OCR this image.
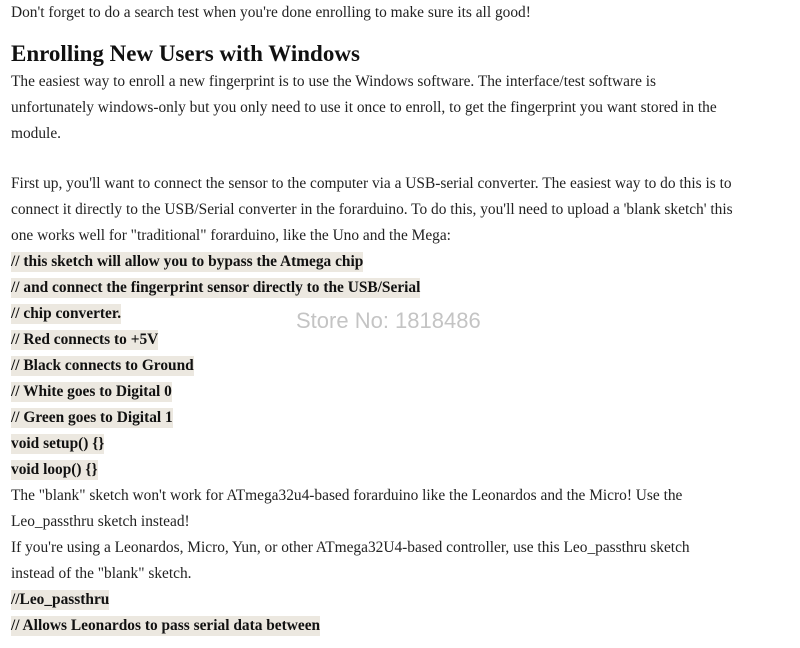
Don't forget to do a search test when you're done enrolling to make sure its all good!
Enrolling New Users with Windows
The easiest way to enroll a new fingerprint is to use the Windows software. The interface/test software is
unfortunately windows-only but you only need to use it once to enroll, to get the fingerprint you want stored in the
module.
First up, you'll want to connect the sensor to the computer via a USB-serial converter. The easiest way to do this is to
connect it directly to the USB/Serial converter in the forarduino. To do this, you'll need to upload a 'blank sketch' this
one works well for "traditional" forarduino, like the Uno and the Mega:
// this sketch will allow you to bypass the Atmega chip
// and connect the fingerprint sensor directly to the USB/Serial
// chip converter.
// Red connects to +5V
// Black connects to Ground
// White goes to Digital 0
// Green goes to Digital 1
void setup() {}
void loop() {}
The "blank" sketch won't work for ATmega32u4-based forarduino like the Leonardos and the Micro! Use the
Leo_passthru sketch instead!
If you're using a Leonardos, Micro, Yun, or other ATmega32U4-based controller, use this Leo_passthru sketch
instead of the "blank" sketch.
//Leo_passthru
// Allows Leonardos to pass serial data between
Store No: 1818486
